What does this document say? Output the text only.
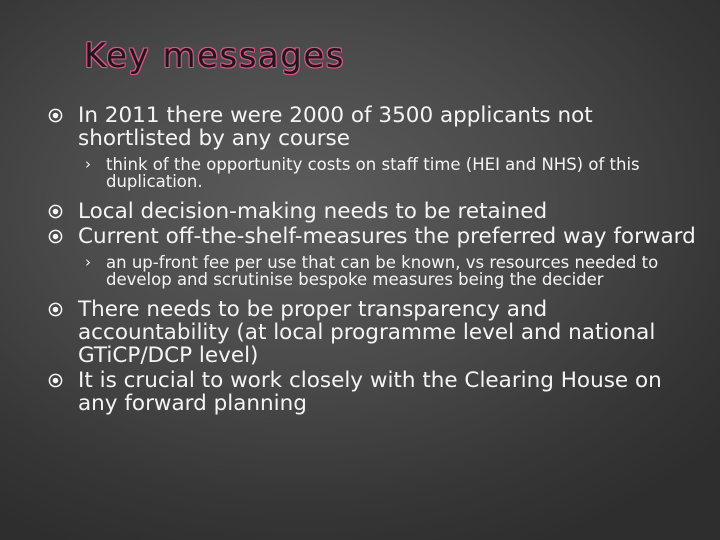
Key messages
In 2011 there were 2000 of 3500 applicants not shortlisted by any course
› think of the opportunity costs on staff time (HEI and NHS) of this duplication.
Local decision-making needs to be retained
Current off-the-shelf-measures the preferred way forward
› an up-front fee per use that can be known, vs resources needed to develop and scrutinise bespoke measures being the decider
There needs to be proper transparency and accountability (at local programme level and national GTiCP/DCP level)
It is crucial to work closely with the Clearing House on any forward planning
